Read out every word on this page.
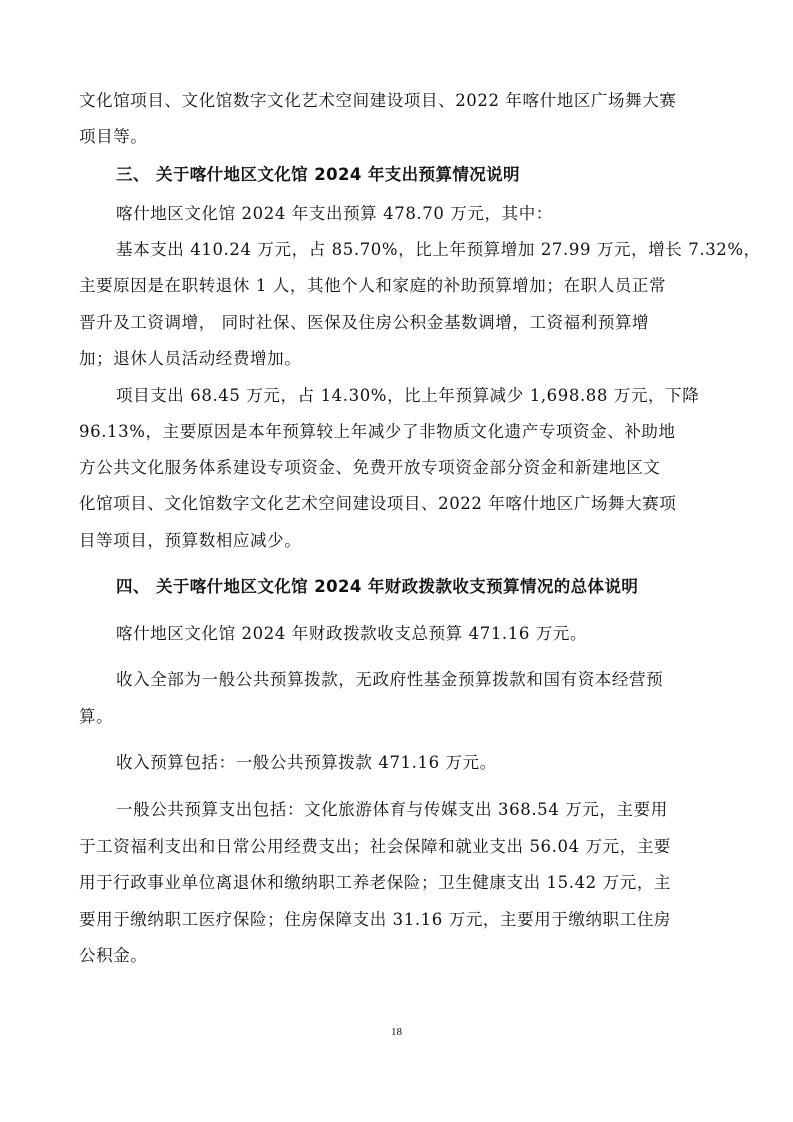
文化馆项目、文化馆数字文化艺术空间建设项目、2022 年喀什地区广场舞大赛
项目等。
三、 关于喀什地区文化馆 2024 年支出预算情况说明
喀什地区文化馆 2024 年支出预算 478.70 万元，其中：
基本支出 410.24 万元，占 85.70%，比上年预算增加 27.99 万元，增长 7.32%，
主要原因是在职转退休 1 人，其他个人和家庭的补助预算增加；在职人员正常
晋升及工资调增， 同时社保、医保及住房公积金基数调增，工资福利预算增
加；退休人员活动经费增加。
项目支出 68.45 万元，占 14.30%，比上年预算减少 1,698.88 万元，下降
96.13%，主要原因是本年预算较上年减少了非物质文化遗产专项资金、补助地
方公共文化服务体系建设专项资金、免费开放专项资金部分资金和新建地区文
化馆项目、文化馆数字文化艺术空间建设项目、2022 年喀什地区广场舞大赛项
目等项目，预算数相应减少。
四、 关于喀什地区文化馆 2024 年财政拨款收支预算情况的总体说明
喀什地区文化馆 2024 年财政拨款收支总预算 471.16 万元。
收入全部为一般公共预算拨款，无政府性基金预算拨款和国有资本经营预
算。
收入预算包括：一般公共预算拨款 471.16 万元。
一般公共预算支出包括：文化旅游体育与传媒支出 368.54 万元，主要用
于工资福利支出和日常公用经费支出；社会保障和就业支出 56.04 万元，主要
用于行政事业单位离退休和缴纳职工养老保险；卫生健康支出 15.42 万元，主
要用于缴纳职工医疗保险；住房保障支出 31.16 万元，主要用于缴纳职工住房
公积金。
18
